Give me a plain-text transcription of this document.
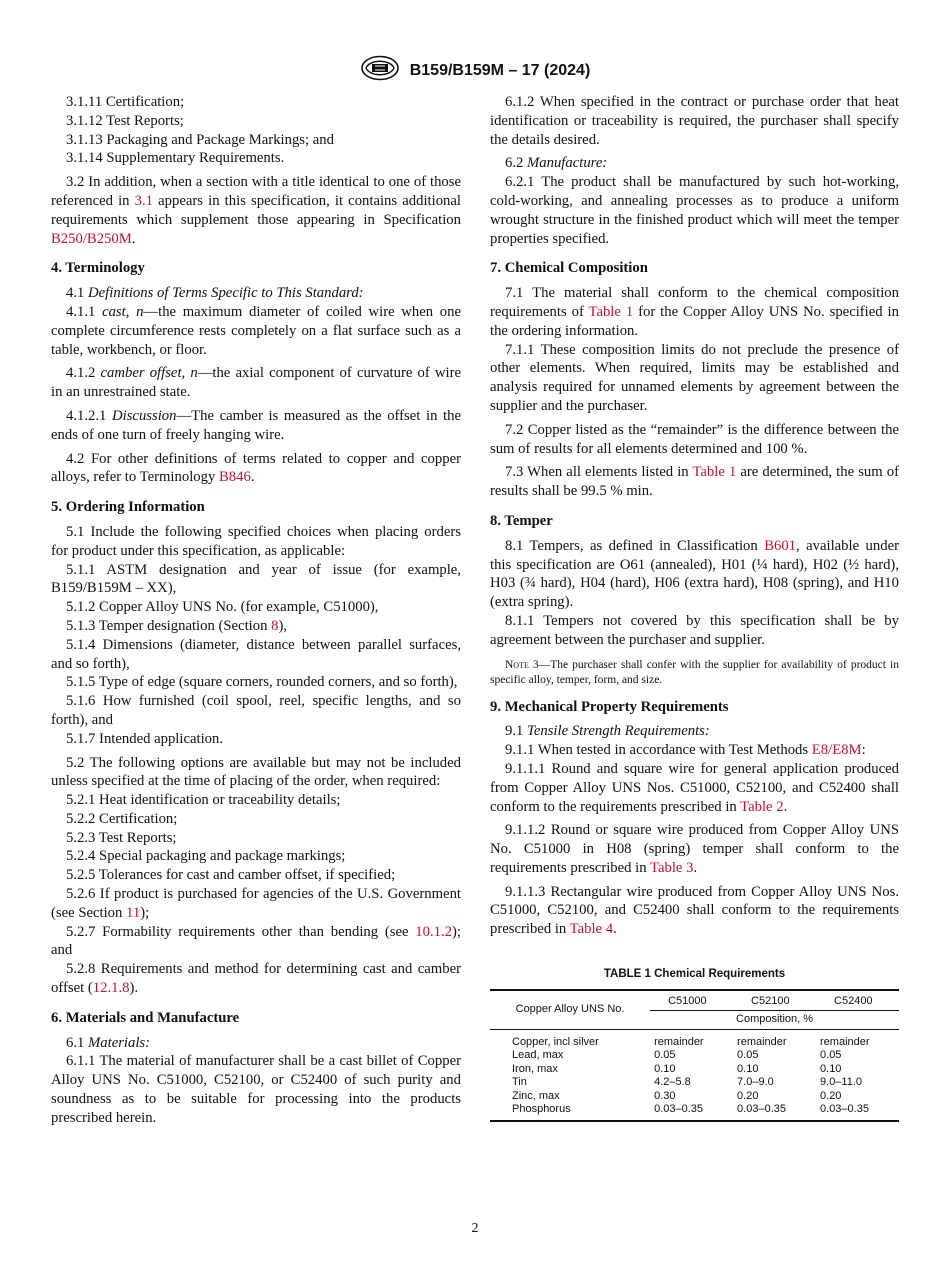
B159/B159M – 17 (2024)

3.1.11 Certification;

3.1.12 Test Reports;

3.1.13 Packaging and Package Markings; and

3.1.14 Supplementary Requirements.

3.2 In addition, when a section with a title identical to one of those referenced in 3.1 appears in this specification, it contains additional requirements which supplement those appearing in Specification B250/B250M.

4. Terminology

4.1 Definitions of Terms Specific to This Standard:

4.1.1 cast, n—the maximum diameter of coiled wire when one complete circumference rests completely on a flat surface such as a table, workbench, or floor.

4.1.2 camber offset, n—the axial component of curvature of wire in an unrestrained state.

4.1.2.1 Discussion—The camber is measured as the offset in the ends of one turn of freely hanging wire.

4.2 For other definitions of terms related to copper and copper alloys, refer to Terminology B846.

5. Ordering Information

5.1 Include the following specified choices when placing orders for product under this specification, as applicable:

5.1.1 ASTM designation and year of issue (for example, B159/B159M – XX),

5.1.2 Copper Alloy UNS No. (for example, C51000),

5.1.3 Temper designation (Section 8),

5.1.4 Dimensions (diameter, distance between parallel surfaces, and so forth),

5.1.5 Type of edge (square corners, rounded corners, and so forth),

5.1.6 How furnished (coil spool, reel, specific lengths, and so forth), and

5.1.7 Intended application.

5.2 The following options are available but may not be included unless specified at the time of placing of the order, when required:

5.2.1 Heat identification or traceability details;

5.2.2 Certification;

5.2.3 Test Reports;

5.2.4 Special packaging and package markings;

5.2.5 Tolerances for cast and camber offset, if specified;

5.2.6 If product is purchased for agencies of the U.S. Government (see Section 11);

5.2.7 Formability requirements other than bending (see 10.1.2); and

5.2.8 Requirements and method for determining cast and camber offset (12.1.8).

6. Materials and Manufacture

6.1 Materials:

6.1.1 The material of manufacturer shall be a cast billet of Copper Alloy UNS No. C51000, C52100, or C52400 of such purity and soundness as to be suitable for processing into the products prescribed herein.

6.1.2 When specified in the contract or purchase order that heat identification or traceability is required, the purchaser shall specify the details desired.

6.2 Manufacture:

6.2.1 The product shall be manufactured by such hot-working, cold-working, and annealing processes as to produce a uniform wrought structure in the finished product which will meet the temper properties specified.

7. Chemical Composition

7.1 The material shall conform to the chemical composition requirements of Table 1 for the Copper Alloy UNS No. specified in the ordering information.

7.1.1 These composition limits do not preclude the presence of other elements. When required, limits may be established and analysis required for unnamed elements by agreement between the supplier and the purchaser.

7.2 Copper listed as the “remainder” is the difference between the sum of results for all elements determined and 100 %.

7.3 When all elements listed in Table 1 are determined, the sum of results shall be 99.5 % min.

8. Temper

8.1 Tempers, as defined in Classification B601, available under this specification are O61 (annealed), H01 (¼ hard), H02 (½ hard), H03 (¾ hard), H04 (hard), H06 (extra hard), H08 (spring), and H10 (extra spring).

8.1.1 Tempers not covered by this specification shall be by agreement between the purchaser and supplier.

Note 3—The purchaser shall confer with the supplier for availability of product in specific alloy, temper, form, and size.

9. Mechanical Property Requirements

9.1 Tensile Strength Requirements:

9.1.1 When tested in accordance with Test Methods E8/E8M:

9.1.1.1 Round and square wire for general application produced from Copper Alloy UNS Nos. C51000, C52100, and C52400 shall conform to the requirements prescribed in Table 2.

9.1.1.2 Round or square wire produced from Copper Alloy UNS No. C51000 in H08 (spring) temper shall conform to the requirements prescribed in Table 3.

9.1.1.3 Rectangular wire produced from Copper Alloy UNS Nos. C51000, C52100, and C52400 shall conform to the requirements prescribed in Table 4.

TABLE 1 Chemical Requirements
Copper Alloy UNS No.	C51000	C52100	C52400
	Composition, %		
Copper, incl silver	remainder	remainder	remainder
Lead, max	0.05	0.05	0.05
Iron, max	0.10	0.10	0.10
Tin	4.2–5.8	7.0–9.0	9.0–11.0
Zinc, max	0.30	0.20	0.20
Phosphorus	0.03–0.35	0.03–0.35	0.03–0.35
2
